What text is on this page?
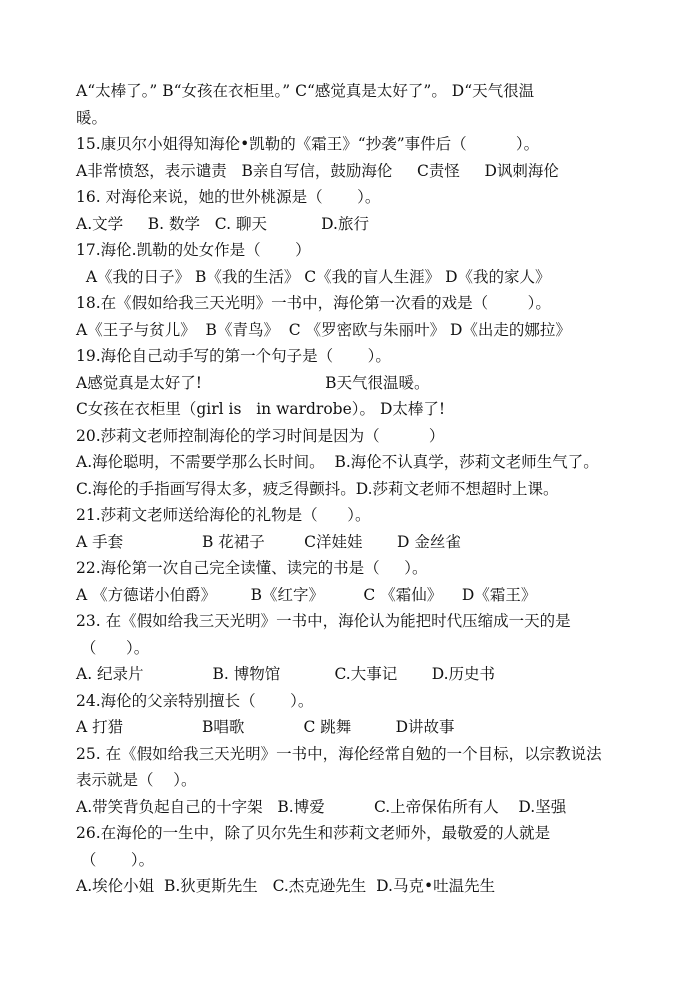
A“太棒了。” B“女孩在衣柜里。” C“感觉真是太好了”。 D“天气很温
暖。
15.康贝尔小姐得知海伦•凯勒的《霜王》“抄袭”事件后（          ）。
A非常愤怒，表示谴责   B亲自写信，鼓励海伦     C责怪     D讽刺海伦
16. 对海伦来说，她的世外桃源是（       ）。
A.文学     B. 数学   C. 聊天           D.旅行
17.海伦.凯勒的处女作是（       ）
A《我的日子》 B《我的生活》 C《我的盲人生涯》 D《我的家人》
18.在《假如给我三天光明》一书中，海伦第一次看的戏是（        ）。
A《王子与贫儿》  B《青鸟》  C 《罗密欧与朱丽叶》 D《出走的娜拉》
19.海伦自己动手写的第一个句子是（       ）。
A感觉真是太好了!                         B天气很温暖。
C女孩在衣柜里（girl is   in wardrobe）。 D太棒了!
20.莎莉文老师控制海伦的学习时间是因为（          ）
A.海伦聪明，不需要学那么长时间。  B.海伦不认真学，莎莉文老师生气了。
C.海伦的手指画写得太多，疲乏得颤抖。D.莎莉文老师不想超时上课。
21.莎莉文老师送给海伦的礼物是（      ）。
A 手套                B 花裙子        C洋娃娃       D 金丝雀
22.海伦第一次自己完全读懂、读完的书是（     ）。
A 《方德诺小伯爵》       B《红字》        C 《霜仙》    D《霜王》
23. 在《假如给我三天光明》一书中，海伦认为能把时代压缩成一天的是
（      ）。
A. 纪录片              B. 博物馆           C.大事记       D.历史书
24.海伦的父亲特别擅长（       ）。
A 打猎                B唱歌            C 跳舞         D讲故事
25. 在《假如给我三天光明》一书中，海伦经常自勉的一个目标，以宗教说法
表示就是（    ）。
A.带笑背负起自己的十字架   B.博爱          C.上帝保佑所有人    D.坚强
26.在海伦的一生中，除了贝尔先生和莎莉文老师外，最敬爱的人就是
（       ）。
A.埃伦小姐  B.狄更斯先生   C.杰克逊先生  D.马克•吐温先生
